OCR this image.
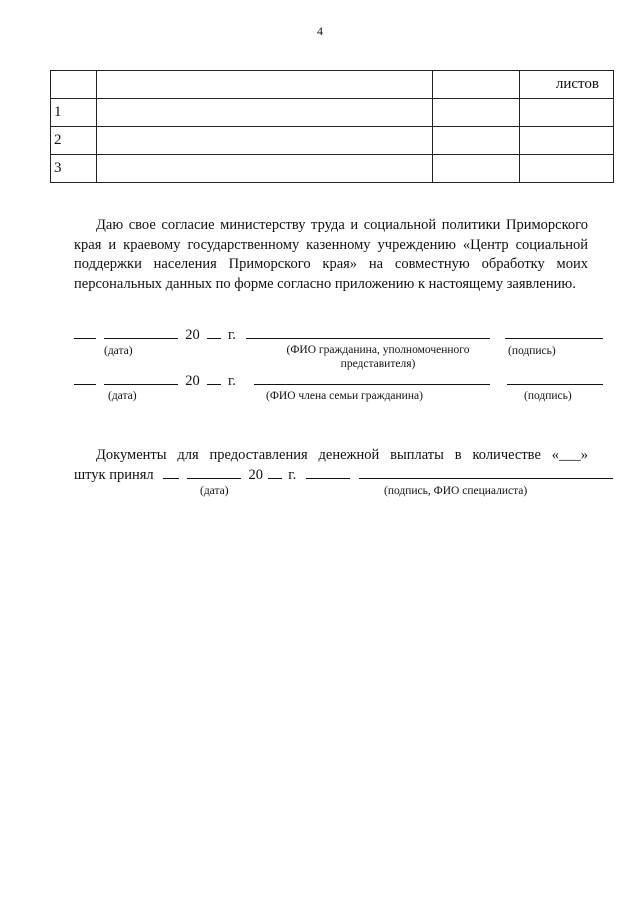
4
			листов
1			
2			
3			
Даю свое согласие министерству труда и социальной политики Приморского края и краевому государственному казенному учреждению «Центр социальной поддержки населения Приморского края» на совместную обработку моих персональных данных по форме согласно приложению к настоящему заявлению.
20 г.
(дата)	(ФИО гражданина, уполномоченного представителя)
(подпись)
20 г.
(дата)	(ФИО члена семьи гражданина)	(подпись)
Документы для предоставления денежной выплаты в количестве «___»
штук принял	20 г.
(дата)	(подпись, ФИО специалиста)
